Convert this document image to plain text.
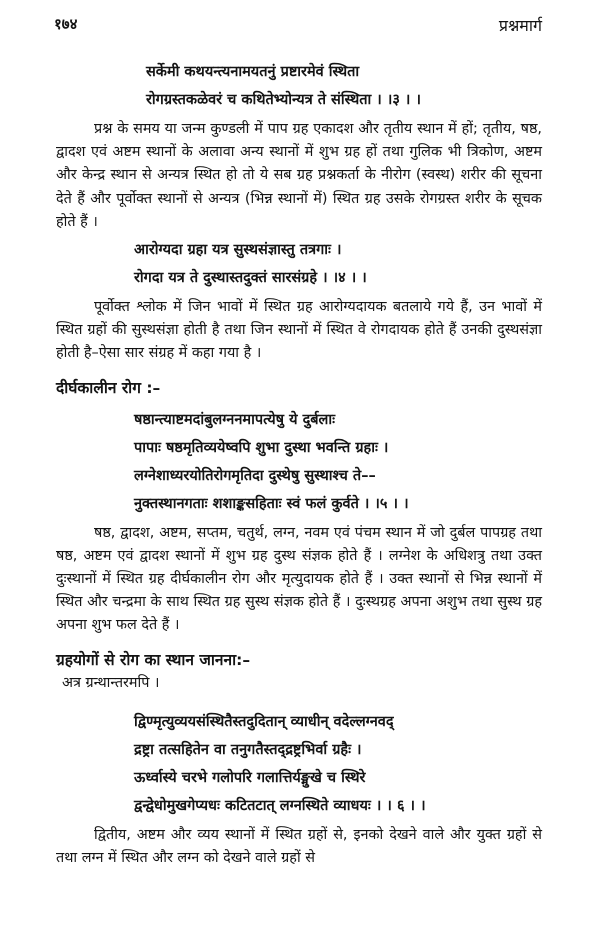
१७४	प्रश्नमार्ग
सर्केमी कथयन्त्यनामयतनुं प्रष्टारमेवं स्थिता
रोगग्रस्तकळेवरं च कथितेभ्योन्यत्र ते संस्थिता । ।३ । ।

प्रश्न के समय या जन्म कुण्डली में पाप ग्रह एकादश और तृतीय स्थान में हों; तृतीय, षष्ठ, द्वादश एवं अष्टम स्थानों के अलावा अन्य स्थानों में शुभ ग्रह हों तथा गुलिक भी त्रिकोण, अष्टम और केन्द्र स्थान से अन्यत्र स्थित हो तो ये सब ग्रह प्रश्नकर्ता के नीरोग (स्वस्थ) शरीर की सूचना देते हैं और पूर्वोक्त स्थानों से अन्यत्र (भिन्न स्थानों में) स्थित ग्रह उसके रोगग्रस्त शरीर के सूचक होते हैं ।

आरोग्यदा ग्रहा यत्र सुस्थसंज्ञास्तु तत्रगाः ।
रोगदा यत्र ते दुस्थास्तदुक्तं सारसंग्रहे । ।४ । ।

पूर्वोक्त श्लोक में जिन भावों में स्थित ग्रह आरोग्यदायक बतलाये गये हैं, उन भावों में स्थित ग्रहों की सुस्थसंज्ञा होती है तथा जिन स्थानों में स्थित वे रोगदायक होते हैं उनकी दुस्थसंज्ञा होती है–ऐसा सार संग्रह में कहा गया है ।

दीर्घकालीन रोग :–
षष्ठान्त्याष्टमदांबुलग्ननमापत्येषु ये दुर्बलाः
पापाः षष्ठमृतिव्ययेष्वपि शुभा दुस्था भवन्ति ग्रहाः ।
लग्नेशाध्यरयोतिरोगमृतिदा दुस्थेषु सुस्थाश्च ते––
नुक्तस्थानगताः शशाङ्कसहिताः स्वं फलं कुर्वते । ।५ । ।

षष्ठ, द्वादश, अष्टम, सप्तम, चतुर्थ, लग्न, नवम एवं पंचम स्थान में जो दुर्बल पापग्रह तथा षष्ठ, अष्टम एवं द्वादश स्थानों में शुभ ग्रह दुस्थ संज्ञक होते हैं । लग्नेश के अधिशत्रु तथा उक्त दुःस्थानों में स्थित ग्रह दीर्घकालीन रोग और मृत्युदायक होते हैं । उक्त स्थानों से भिन्न स्थानों में स्थित और चन्द्रमा के साथ स्थित ग्रह सुस्थ संज्ञक होते हैं । दुःस्थग्रह अपना अशुभ तथा सुस्थ ग्रह अपना शुभ फल देते हैं ।

ग्रहयोगों से रोग का स्थान जानना:–
अत्र ग्रन्थान्तरमपि ।
द्विण्मृत्युव्ययसंस्थितैस्तदुदितान् व्याधीन् वदेल्लग्नवद्
द्रष्ट्रा तत्सहितेन वा तनुगतैस्तद्द्रष्ट्रभिर्वा ग्रहैः ।
ऊर्ध्वास्ये चरभे गलोपरि गलात्तिर्यङ्मुखे च स्थिरे
द्वन्द्वेधोमुखगेप्यधः कटितटात् लग्नस्थिते व्याधयः । । ६ । ।

द्वितीय, अष्टम और व्यय स्थानों में स्थित ग्रहों से, इनको देखने वाले और युक्त ग्रहों से तथा लग्न में स्थित और लग्न को देखने वाले ग्रहों से
